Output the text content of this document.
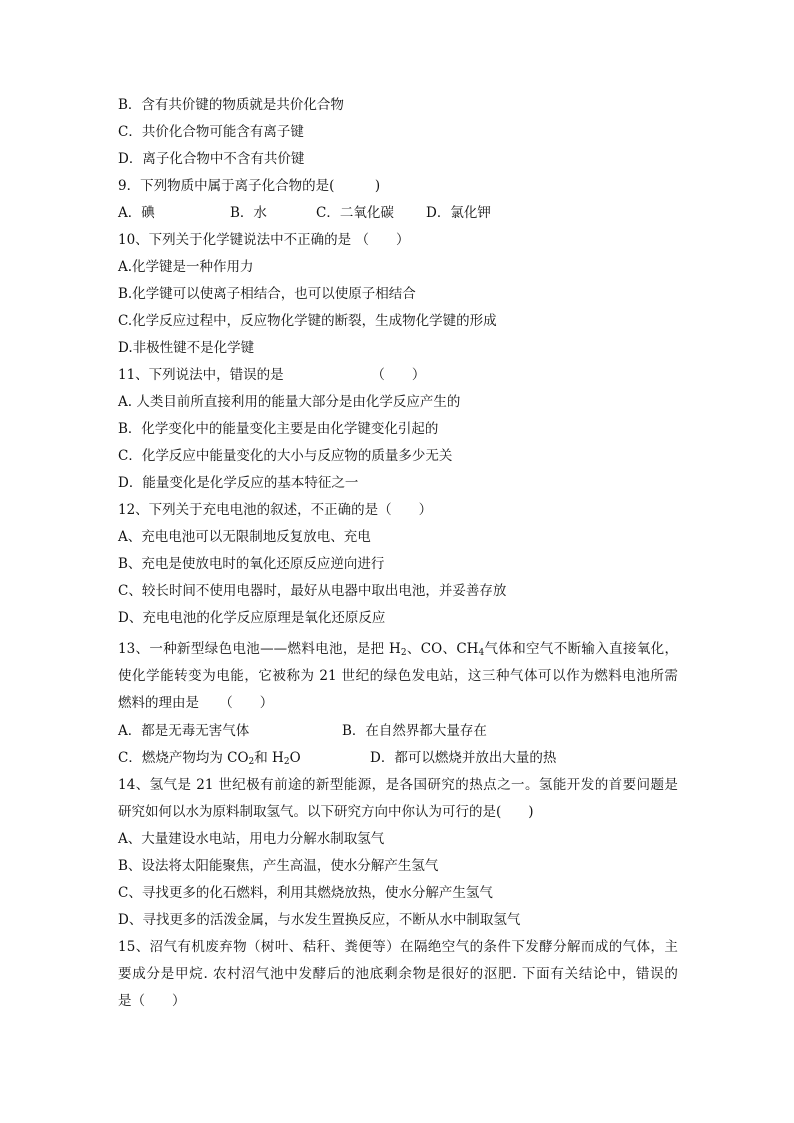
B．含有共价键的物质就是共价化合物
C．共价化合物可能含有离子键
D．离子化合物中不含有共价键
9．下列物质中属于离子化合物的是(　　　)
A．碘	B．水	C．二氧化碳 D．氯化钾
10、下列关于化学键说法中不正确的是 （　　）
A.化学键是一种作用力
B.化学键可以使离子相结合，也可以使原子相结合
C.化学反应过程中，反应物化学键的断裂，生成物化学键的形成
D.非极性键不是化学键
11、下列说法中，错误的是　　　　　　　（　　）
A. 人类目前所直接利用的能量大部分是由化学反应产生的
B．化学变化中的能量变化主要是由化学键变化引起的
C．化学反应中能量变化的大小与反应物的质量多少无关
D．能量变化是化学反应的基本特征之一
12、下列关于充电电池的叙述，不正确的是（　　）
A、充电电池可以无限制地反复放电、充电
B、充电是使放电时的氧化还原反应逆向进行
C、较长时间不使用电器时，最好从电器中取出电池，并妥善存放
D、充电电池的化学反应原理是氧化还原反应
13、一种新型绿色电池——燃料电池，是把 $H_2$、CO、$CH_4$气体和空气不断输入直接氧化，
使化学能转变为电能，它被称为 21 世纪的绿色发电站，这三种气体可以作为燃料电池所需
燃料的理由是　　（　　）
A．都是无毒无害气体	B．在自然界都大量存在
C．燃烧产物均为 $CO_2$和 $H_2O$	D．都可以燃烧并放出大量的热
14、氢气是 21 世纪极有前途的新型能源，是各国研究的热点之一。氢能开发的首要问题是
研究如何以水为原料制取氢气。以下研究方向中你认为可行的是(　　)
A、大量建设水电站，用电力分解水制取氢气
B、设法将太阳能聚焦，产生高温，使水分解产生氢气
C、寻找更多的化石燃料，利用其燃烧放热，使水分解产生氢气
D、寻找更多的活泼金属，与水发生置换反应，不断从水中制取氢气
15、沼气有机废弃物（树叶、秸秆、粪便等）在隔绝空气的条件下发酵分解而成的气体，主
要成分是甲烷. 农村沼气池中发酵后的池底剩余物是很好的沤肥. 下面有关结论中，错误的
是（　　）
